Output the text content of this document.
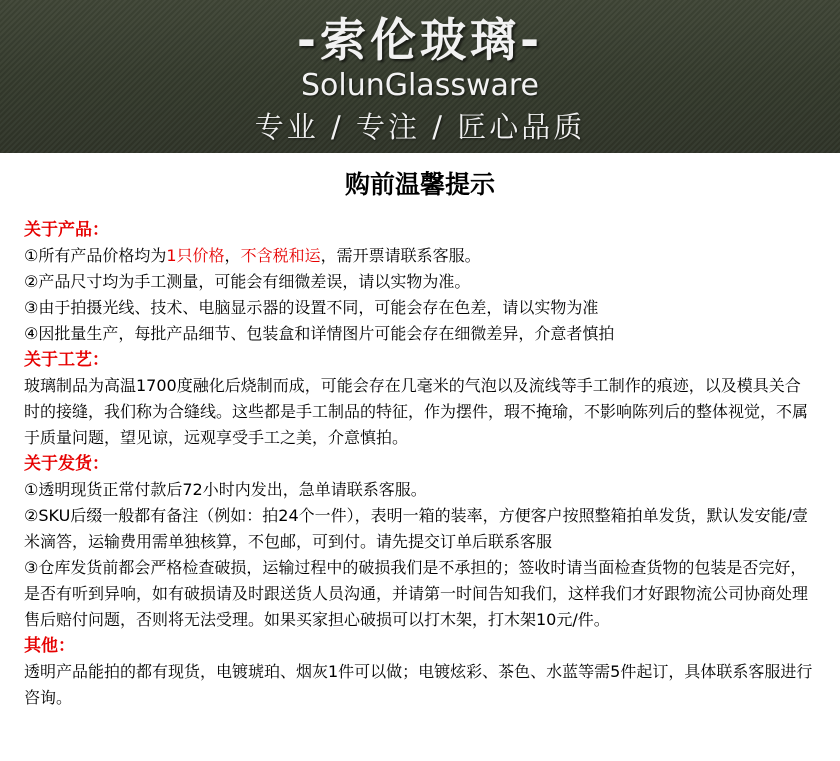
-索伦玻璃-
SolunGlassware
专业 / 专注 / 匠心品质
购前温馨提示

关于产品：

①所有产品价格均为1只价格，不含税和运，需开票请联系客服。

②产品尺寸均为手工测量，可能会有细微差误，请以实物为准。

③由于拍摄光线、技术、电脑显示器的设置不同，可能会存在色差，请以实物为准

④因批量生产，每批产品细节、包装盒和详情图片可能会存在细微差异，介意者慎拍

关于工艺：

玻璃制品为高温1700度融化后烧制而成，可能会存在几毫米的气泡以及流线等手工制作的痕迹，以及模具关合时的接缝，我们称为合缝线。这些都是手工制品的特征，作为摆件，瑕不掩瑜，不影响陈列后的整体视觉，不属于质量问题，望见谅，远观享受手工之美，介意慎拍。

关于发货：

①透明现货正常付款后72小时内发出，急单请联系客服。

②SKU后缀一般都有备注（例如：拍24个一件），表明一箱的装率，方便客户按照整箱拍单发货，默认发安能/壹米滴答，运输费用需单独核算，不包邮，可到付。请先提交订单后联系客服

③仓库发货前都会严格检查破损，运输过程中的破损我们是不承担的；签收时请当面检查货物的包装是否完好，是否有听到异响，如有破损请及时跟送货人员沟通，并请第一时间告知我们，这样我们才好跟物流公司协商处理售后赔付问题，否则将无法受理。如果买家担心破损可以打木架，打木架10元/件。

其他：

透明产品能拍的都有现货，电镀琥珀、烟灰1件可以做；电镀炫彩、茶色、水蓝等需5件起订，具体联系客服进行咨询。
